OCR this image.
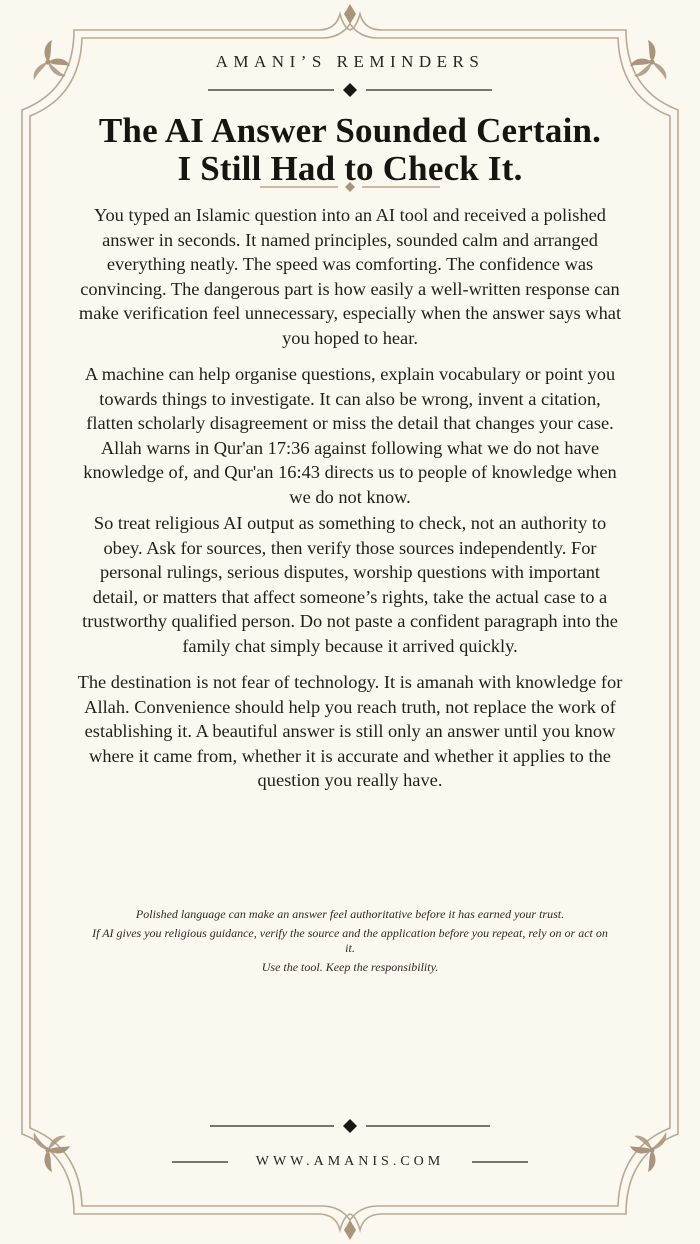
AMANI’S REMINDERS
The AI Answer Sounded Certain.
I Still Had to Check It.

You typed an Islamic question into an AI tool and received a polished answer in seconds. It named principles, sounded calm and arranged everything neatly. The speed was comforting. The confidence was convincing. The dangerous part is how easily a well-written response can make verification feel unnecessary, especially when the answer says what you hoped to hear.

A machine can help organise questions, explain vocabulary or point you towards things to investigate. It can also be wrong, invent a citation, flatten scholarly disagreement or miss the detail that changes your case. Allah warns in Qur'an 17:36 against following what we do not have knowledge of, and Qur'an 16:43 directs us to people of knowledge when we do not know.

So treat religious AI output as something to check, not an authority to obey. Ask for sources, then verify those sources independently. For personal rulings, serious disputes, worship questions with important detail, or matters that affect someone’s rights, take the actual case to a trustworthy qualified person. Do not paste a confident paragraph into the family chat simply because it arrived quickly.

The destination is not fear of technology. It is amanah with knowledge for Allah. Convenience should help you reach truth, not replace the work of establishing it. A beautiful answer is still only an answer until you know where it came from, whether it is accurate and whether it applies to the question you really have.

Polished language can make an answer feel authoritative before it has earned your trust.
If AI gives you religious guidance, verify the source and the application before you repeat, rely on or act on it.
Use the tool. Keep the responsibility.
WWW.AMANIS.COM
